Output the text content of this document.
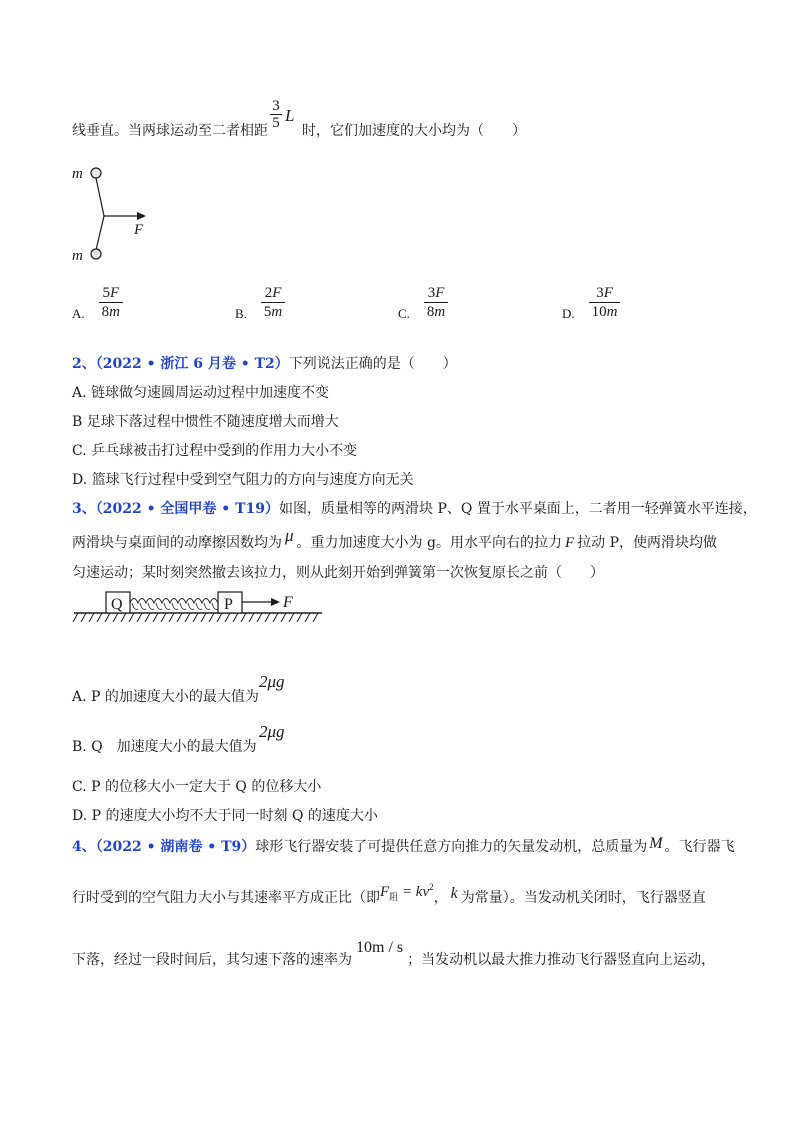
线垂直。当两球运动至二者相距
3
5 L
时，它们加速度的大小均为（　　）
m
m
F
A. $\frac{5F}{8m}$	B. $\frac{2F}{5m}$	C. $\frac{3F}{8m}$	D. $\frac{3F}{10m}$
2、（2022 • 浙江 6 月卷 • T2）下列说法正确的是（　　）
A. 链球做匀速圆周运动过程中加速度不变
B 足球下落过程中惯性不随速度增大而增大
C. 乒乓球被击打过程中受到的作用力大小不变
D. 篮球飞行过程中受到空气阻力的方向与速度方向无关
3、（2022 • 全国甲卷 • T19）如图，质量相等的两滑块 P、Q 置于水平桌面上，二者用一轻弹簧水平连接，
两滑块与桌面间的动摩擦因数均为 μ 。重力加速度大小为 g。用水平向右的拉力 F 拉动 P，使两滑块均做
匀速运动；某时刻突然撤去该拉力，则从此刻开始到弹簧第一次恢复原长之前（　　）
Q	P	F
A. P 的加速度大小的最大值为
2μg
B. Q　加速度大小的最大值为
2μg
C. P 的位移大小一定大于 Q 的位移大小
D. P 的速度大小均不大于同一时刻 Q 的速度大小
4、（2022 • 湖南卷 • T9）球形飞行器安装了可提供任意方向推力的矢量发动机，总质量为 M 。飞行器飞
行时受到的空气阻力大小与其速率平方成正比（即$F_阻 = kv^2$， k 为常量）。当发动机关闭时，飞行器竖直
下落，经过一段时间后，其匀速下落的速率为10m / s；当发动机以最大推力推动飞行器竖直向上运动，
